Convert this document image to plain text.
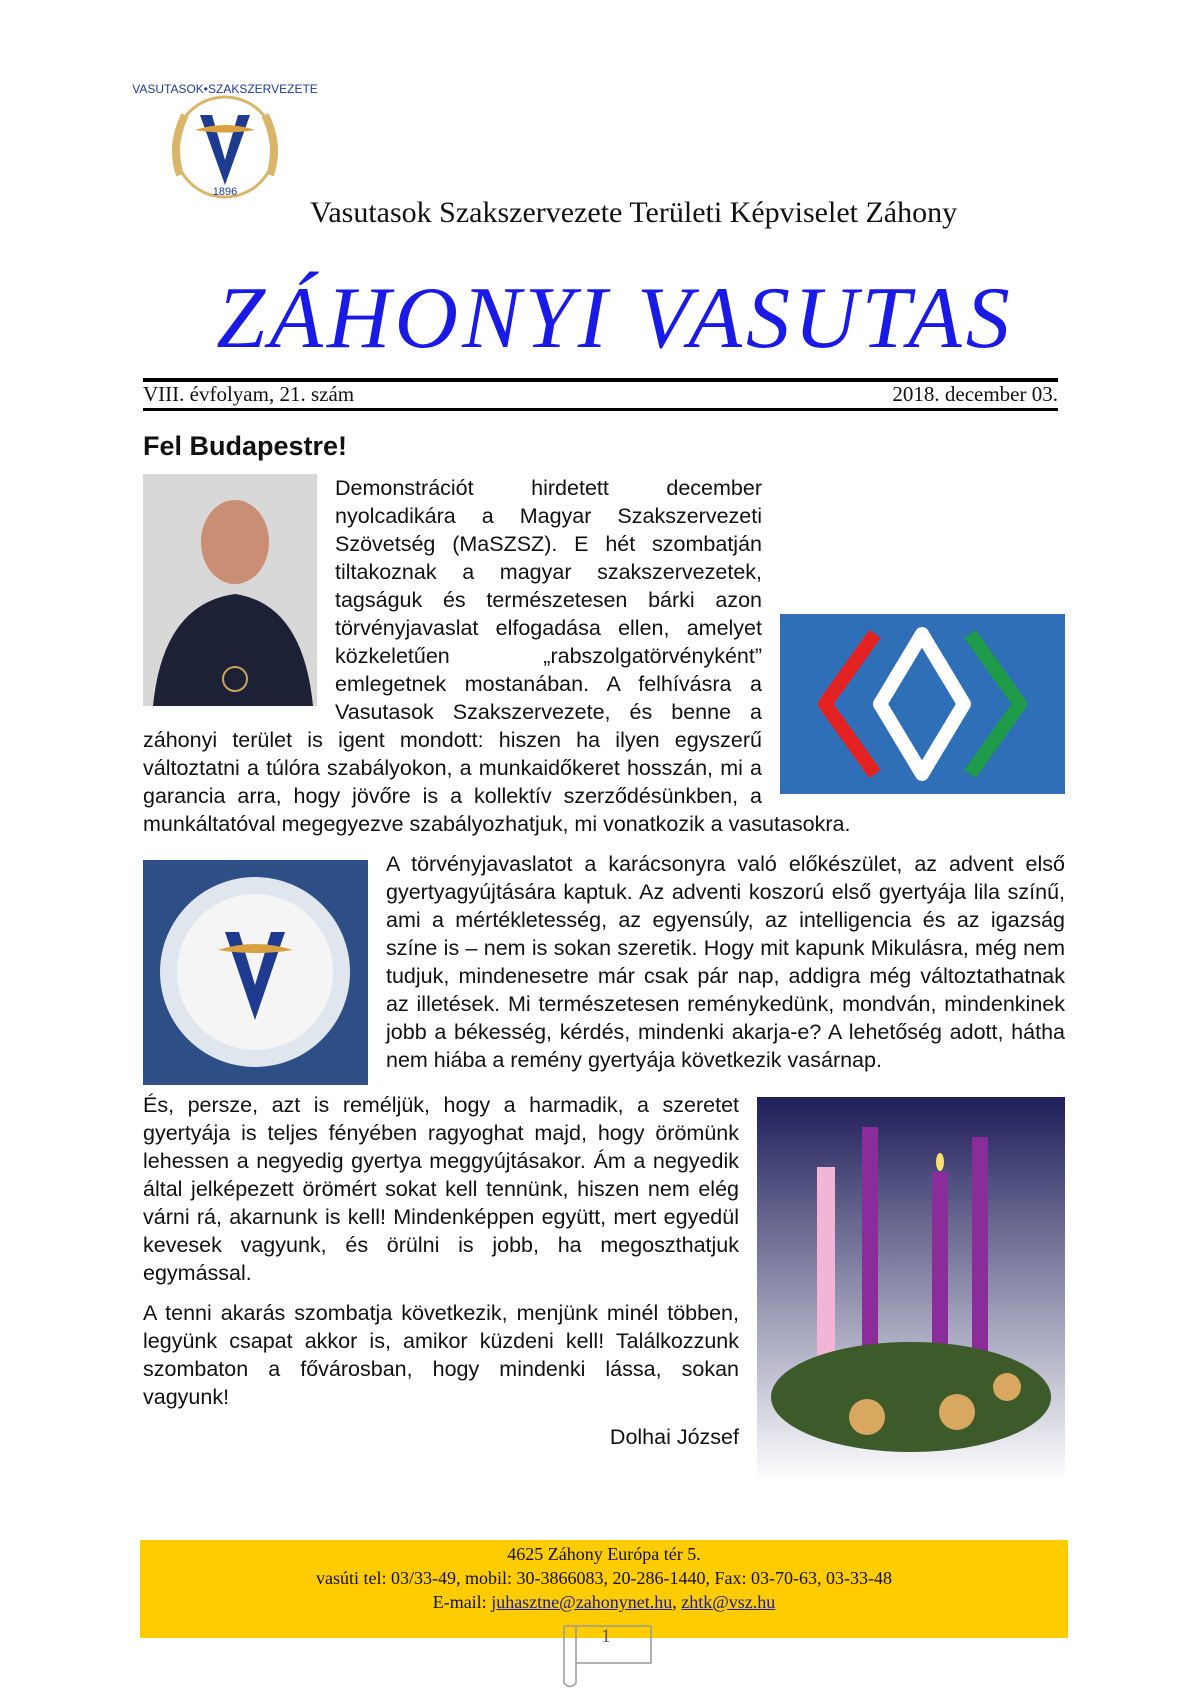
VASUTASOK•SZAKSZERVEZETE
1896
Vasutasok Szakszervezete Területi Képviselet Záhony
ZÁHONYI VASUTAS
VIII. évfolyam, 21. szám	2018. december 03.
Fel Budapestre!

Demonstrációt hirdetett december nyolcadikára a Magyar Szakszervezeti Szövetség (MaSZSZ). E hét szombatján tiltakoznak a magyar szakszervezetek, tagságuk és természetesen bárki azon törvényjavaslat elfogadása ellen, amelyet közkeletűen „rabszolgatörvényként” emlegetnek mostanában. A felhívásra a Vasutasok Szakszervezete, és benne a záhonyi terület is igent mondott: hiszen ha ilyen egyszerű változtatni a túlóra szabályokon, a munkaidőkeret hosszán, mi a garancia arra, hogy jövőre is a kollektív szerződésünkben, a munkáltatóval megegyezve szabályozhatjuk, mi vonatkozik a vasutasokra.

A törvényjavaslatot a karácsonyra való előkészület, az advent első gyertyagyújtására kaptuk. Az adventi koszorú első gyertyája lila színű, ami a mértékletesség, az egyensúly, az intelligencia és az igazság színe is – nem is sokan szeretik. Hogy mit kapunk Mikulásra, még nem tudjuk, mindenesetre már csak pár nap, addigra még változtathatnak az illetések. Mi természetesen reménykedünk, mondván, mindenkinek jobb a békesség, kérdés, mindenki akarja-e? A lehetőség adott, hátha nem hiába a remény gyertyája következik vasárnap.

És, persze, azt is reméljük, hogy a harmadik, a szeretet gyertyája is teljes fényében ragyoghat majd, hogy örömünk lehessen a negyedig gyertya meggyújtásakor. Ám a negyedik által jelképezett örömért sokat kell tennünk, hiszen nem elég várni rá, akarnunk is kell! Mindenképpen együtt, mert egyedül kevesek vagyunk, és örülni is jobb, ha megoszthatjuk egymással.

A tenni akarás szombatja következik, menjünk minél többen, legyünk csapat akkor is, amikor küzdeni kell! Találkozzunk szombaton a fővárosban, hogy mindenki lássa, sokan vagyunk!

Dolhai József
4625 Záhony Európa tér 5.
vasúti tel: 03/33-49, mobil: 30-3866083, 20-286-1440, Fax: 03-70-63, 03-33-48
E-mail: juhasztne@zahonynet.hu, zhtk@vsz.hu
1
